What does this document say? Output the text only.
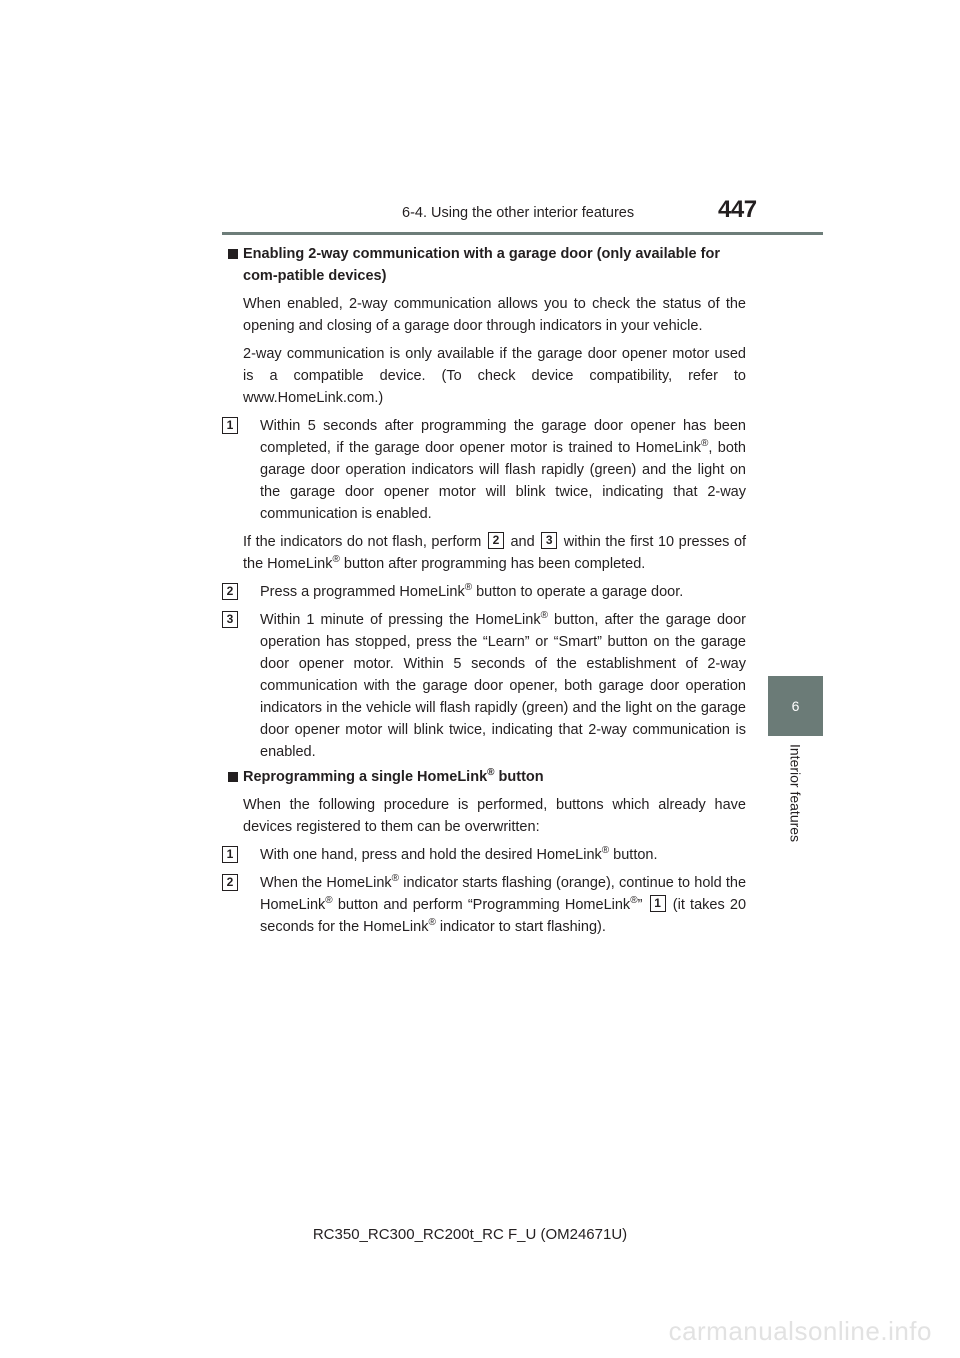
6-4. Using the other interior features	447
6
Interior features

Enabling 2-way communication with a garage door (only available for com-patible devices)

When enabled, 2-way communication allows you to check the status of the opening and closing of a garage door through indicators in your vehicle.

2-way communication is only available if the garage door opener motor used is a compatible device. (To check device compatibility, refer to www.HomeLink.com.)

1	Within 5 seconds after programming the garage door opener has been completed, if the garage door opener motor is trained to HomeLink®, both garage door operation indicators will flash rapidly (green) and the light on the garage door opener motor will blink twice, indicating that 2-way communication is enabled.

If the indicators do not flash, perform 2 and 3 within the first 10 presses of the HomeLink® button after programming has been completed.

2	Press a programmed HomeLink® button to operate a garage door.

3	Within 1 minute of pressing the HomeLink® button, after the garage door operation has stopped, press the “Learn” or “Smart” button on the garage door opener motor. Within 5 seconds of the establishment of 2-way communication with the garage door opener, both garage door operation indicators in the vehicle will flash rapidly (green) and the light on the garage door opener motor will blink twice, indicating that 2-way communication is enabled.

Reprogramming a single HomeLink® button

When the following procedure is performed, buttons which already have devices registered to them can be overwritten:

1	With one hand, press and hold the desired HomeLink® button.

2	When the HomeLink® indicator starts flashing (orange), continue to hold the HomeLink® button and perform “Programming HomeLink®” 1 (it takes 20 seconds for the HomeLink® indicator to start flashing).

RC350_RC300_RC200t_RC F_U (OM24671U)
carmanualsonline.info
